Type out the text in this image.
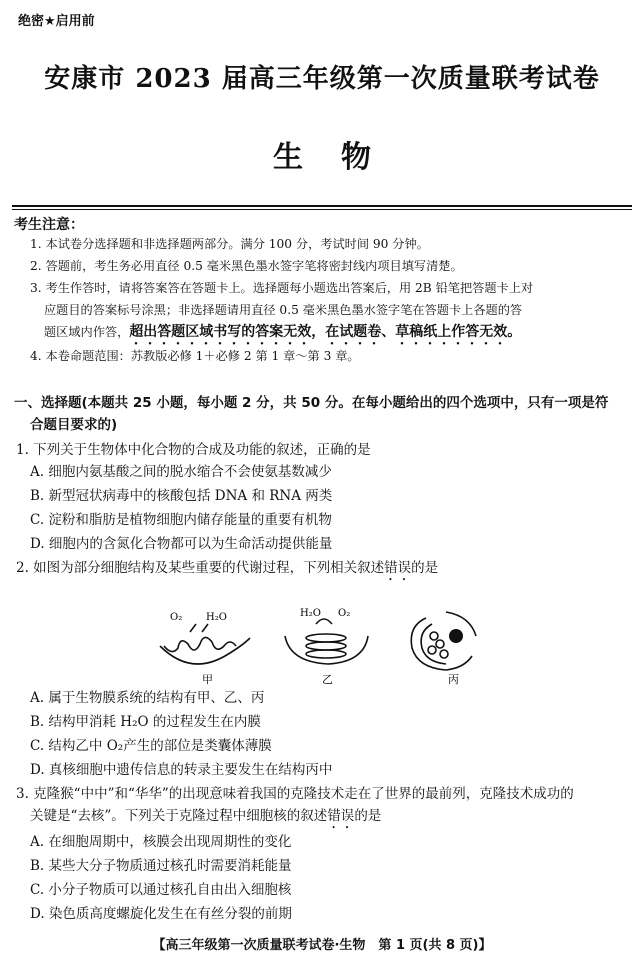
绝密★启用前
安康市 2023 届高三年级第一次质量联考试卷
生物
考生注意：
1. 本试卷分选择题和非选择题两部分。满分 100 分，考试时间 90 分钟。
2. 答题前，考生务必用直径 0.5 毫米黑色墨水签字笔将密封线内项目填写清楚。
3. 考生作答时，请将答案答在答题卡上。选择题每小题选出答案后，用 2B 铅笔把答题卡上对
应题目的答案标号涂黑；非选择题请用直径 0.5 毫米黑色墨水签字笔在答题卡上各题的答
题区域内作答，超出答题区域书写的答案无效，在试题卷、草稿纸上作答无效。
4. 本卷命题范围：苏教版必修 1＋必修 2 第 1 章～第 3 章。
一、选择题(本题共 25 小题，每小题 2 分，共 50 分。在每小题给出的四个选项中，只有一项是符
合题目要求的)
1. 下列关于生物体中化合物的合成及功能的叙述，正确的是
A. 细胞内氨基酸之间的脱水缩合不会使氨基数减少
B. 新型冠状病毒中的核酸包括 DNA 和 RNA 两类
C. 淀粉和脂肪是植物细胞内储存能量的重要有机物
D. 细胞内的含氮化合物都可以为生命活动提供能量
2. 如图为部分细胞结构及某些重要的代谢过程，下列相关叙述错误的是
O₂ H₂O
甲
H₂O O₂
乙	丙
A. 属于生物膜系统的结构有甲、乙、丙
B. 结构甲消耗 H₂O 的过程发生在内膜
C. 结构乙中 O₂产生的部位是类囊体薄膜
D. 真核细胞中遗传信息的转录主要发生在结构丙中
3. 克隆猴“中中”和“华华”的出现意味着我国的克隆技术走在了世界的最前列，克隆技术成功的
关键是“去核”。下列关于克隆过程中细胞核的叙述错误的是
A. 在细胞周期中，核膜会出现周期性的变化
B. 某些大分子物质通过核孔时需要消耗能量
C. 小分子物质可以通过核孔自由出入细胞核
D. 染色质高度螺旋化发生在有丝分裂的前期
【高三年级第一次质量联考试卷·生物　第 1 页(共 8 页)】
